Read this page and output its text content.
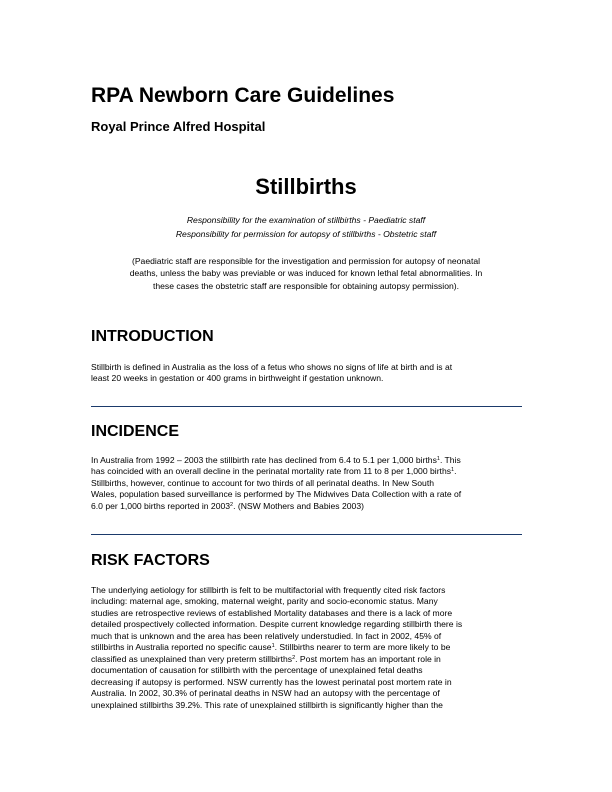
RPA Newborn Care Guidelines
Royal Prince Alfred Hospital
Stillbirths

Responsibility for the examination of stillbirths - Paediatric staff

Responsibility for permission for autopsy of stillbirths - Obstetric staff

(Paediatric staff are responsible for the investigation and permission for autopsy of neonatal
deaths, unless the baby was previable or was induced for known lethal fetal abnormalities. In
these cases the obstetric staff are responsible for obtaining autopsy permission).

INTRODUCTION

Stillbirth is defined in Australia as the loss of a fetus who shows no signs of life at birth and is at
least 20 weeks in gestation or 400 grams in birthweight if gestation unknown.

INCIDENCE

In Australia from 1992 – 2003 the stillbirth rate has declined from 6.4 to 5.1 per 1,000 births$^1$. This
has coincided with an overall decline in the perinatal mortality rate from 11 to 8 per 1,000 births$^1$.
Stillbirths, however, continue to account for two thirds of all perinatal deaths. In New South
Wales, population based surveillance is performed by The Midwives Data Collection with a rate of
6.0 per 1,000 births reported in 2003$^2$. (NSW Mothers and Babies 2003)

RISK FACTORS

The underlying aetiology for stillbirth is felt to be multifactorial with frequently cited risk factors
including: maternal age, smoking, maternal weight, parity and socio-economic status. Many
studies are retrospective reviews of established Mortality databases and there is a lack of more
detailed prospectively collected information. Despite current knowledge regarding stillbirth there is
much that is unknown and the area has been relatively understudied. In fact in 2002, 45% of
stillbirths in Australia reported no specific cause$^1$. Stillbirths nearer to term are more likely to be
classified as unexplained than very preterm stillbirths$^2$. Post mortem has an important role in
documentation of causation for stillbirth with the percentage of unexplained fetal deaths
decreasing if autopsy is performed. NSW currently has the lowest perinatal post mortem rate in
Australia. In 2002, 30.3% of perinatal deaths in NSW had an autopsy with the percentage of
unexplained stillbirths 39.2%. This rate of unexplained stillbirth is significantly higher than the
